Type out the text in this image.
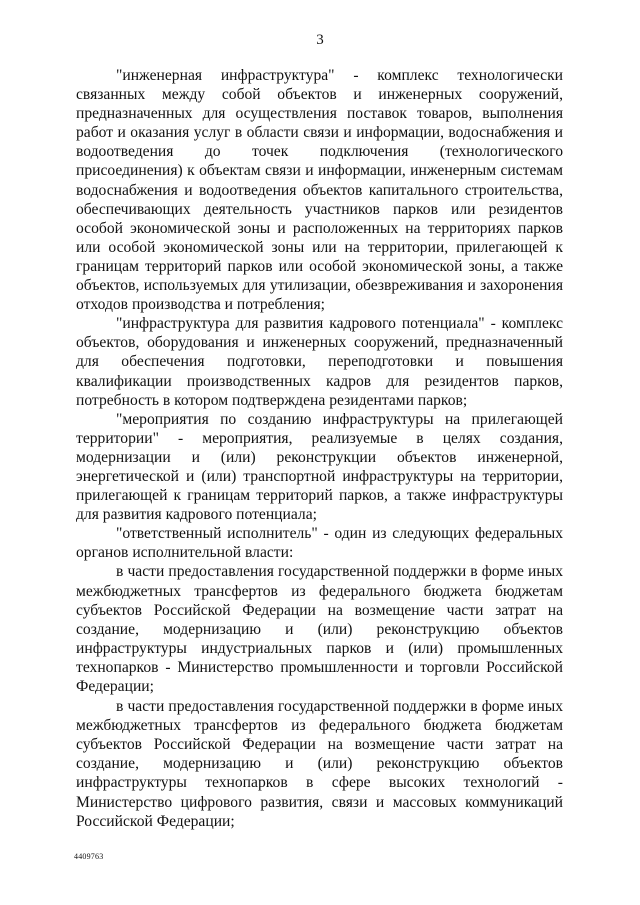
3

"инженерная инфраструктура" - комплекс технологически связанных между собой объектов и инженерных сооружений, предназначенных для осуществления поставок товаров, выполнения работ и оказания услуг в области связи и информации, водоснабжения и водоотведения до точек подключения (технологического присоединения) к объектам связи и информации, инженерным системам водоснабжения и водоотведения объектов капитального строительства, обеспечивающих деятельность участников парков или резидентов особой экономической зоны и расположенных на территориях парков или особой экономической зоны или на территории, прилегающей к границам территорий парков или особой экономической зоны, а также объектов, используемых для утилизации, обезвреживания и захоронения отходов производства и потребления;

"инфраструктура для развития кадрового потенциала" - комплекс объектов, оборудования и инженерных сооружений, предназначенный для обеспечения подготовки, переподготовки и повышения квалификации производственных кадров для резидентов парков, потребность в котором подтверждена резидентами парков;

"мероприятия по созданию инфраструктуры на прилегающей территории" - мероприятия, реализуемые в целях создания, модернизации и (или) реконструкции объектов инженерной, энергетической и (или) транспортной инфраструктуры на территории, прилегающей к границам территорий парков, а также инфраструктуры для развития кадрового потенциала;

"ответственный исполнитель" - один из следующих федеральных органов исполнительной власти:

в части предоставления государственной поддержки в форме иных межбюджетных трансфертов из федерального бюджета бюджетам субъектов Российской Федерации на возмещение части затрат на создание, модернизацию и (или) реконструкцию объектов инфраструктуры индустриальных парков и (или) промышленных технопарков - Министерство промышленности и торговли Российской Федерации;

в части предоставления государственной поддержки в форме иных межбюджетных трансфертов из федерального бюджета бюджетам субъектов Российской Федерации на возмещение части затрат на создание, модернизацию и (или) реконструкцию объектов инфраструктуры технопарков в сфере высоких технологий - Министерство цифрового развития, связи и массовых коммуникаций Российской Федерации;

4409763
